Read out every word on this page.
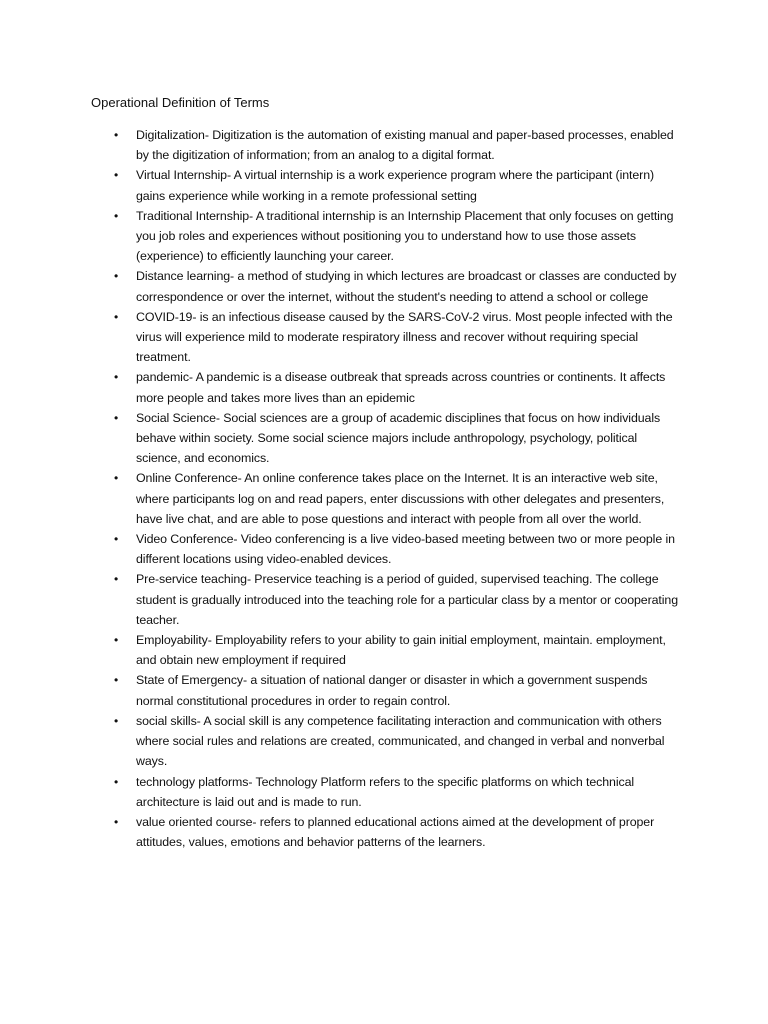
Operational Definition of Terms
• Digitalization- Digitization is the automation of existing manual and paper-based processes, enabled by the digitization of information; from an analog to a digital format.
• Virtual Internship- A virtual internship is a work experience program where the participant (intern) gains experience while working in a remote professional setting
• Traditional Internship- A traditional internship is an Internship Placement that only focuses on getting you job roles and experiences without positioning you to understand how to use those assets (experience) to efficiently launching your career.
• Distance learning- a method of studying in which lectures are broadcast or classes are conducted by correspondence or over the internet, without the student's needing to attend a school or college
• COVID-19- is an infectious disease caused by the SARS-CoV-2 virus. Most people infected with the virus will experience mild to moderate respiratory illness and recover without requiring special treatment.
• pandemic- A pandemic is a disease outbreak that spreads across countries or continents. It affects more people and takes more lives than an epidemic
• Social Science- Social sciences are a group of academic disciplines that focus on how individuals behave within society. Some social science majors include anthropology, psychology, political science, and economics.
• Online Conference- An online conference takes place on the Internet. It is an interactive web site, where participants log on and read papers, enter discussions with other delegates and presenters, have live chat, and are able to pose questions and interact with people from all over the world.
• Video Conference- Video conferencing is a live video-based meeting between two or more people in different locations using video-enabled devices.
• Pre-service teaching- Preservice teaching is a period of guided, supervised teaching. The college student is gradually introduced into the teaching role for a particular class by a mentor or cooperating teacher.
• Employability- Employability refers to your ability to gain initial employment, maintain. employment, and obtain new employment if required
• State of Emergency- a situation of national danger or disaster in which a government suspends normal constitutional procedures in order to regain control.
• social skills- A social skill is any competence facilitating interaction and communication with others where social rules and relations are created, communicated, and changed in verbal and nonverbal ways.
• technology platforms- Technology Platform refers to the specific platforms on which technical architecture is laid out and is made to run.
• value oriented course- refers to planned educational actions aimed at the development of proper attitudes, values, emotions and behavior patterns of the learners.
